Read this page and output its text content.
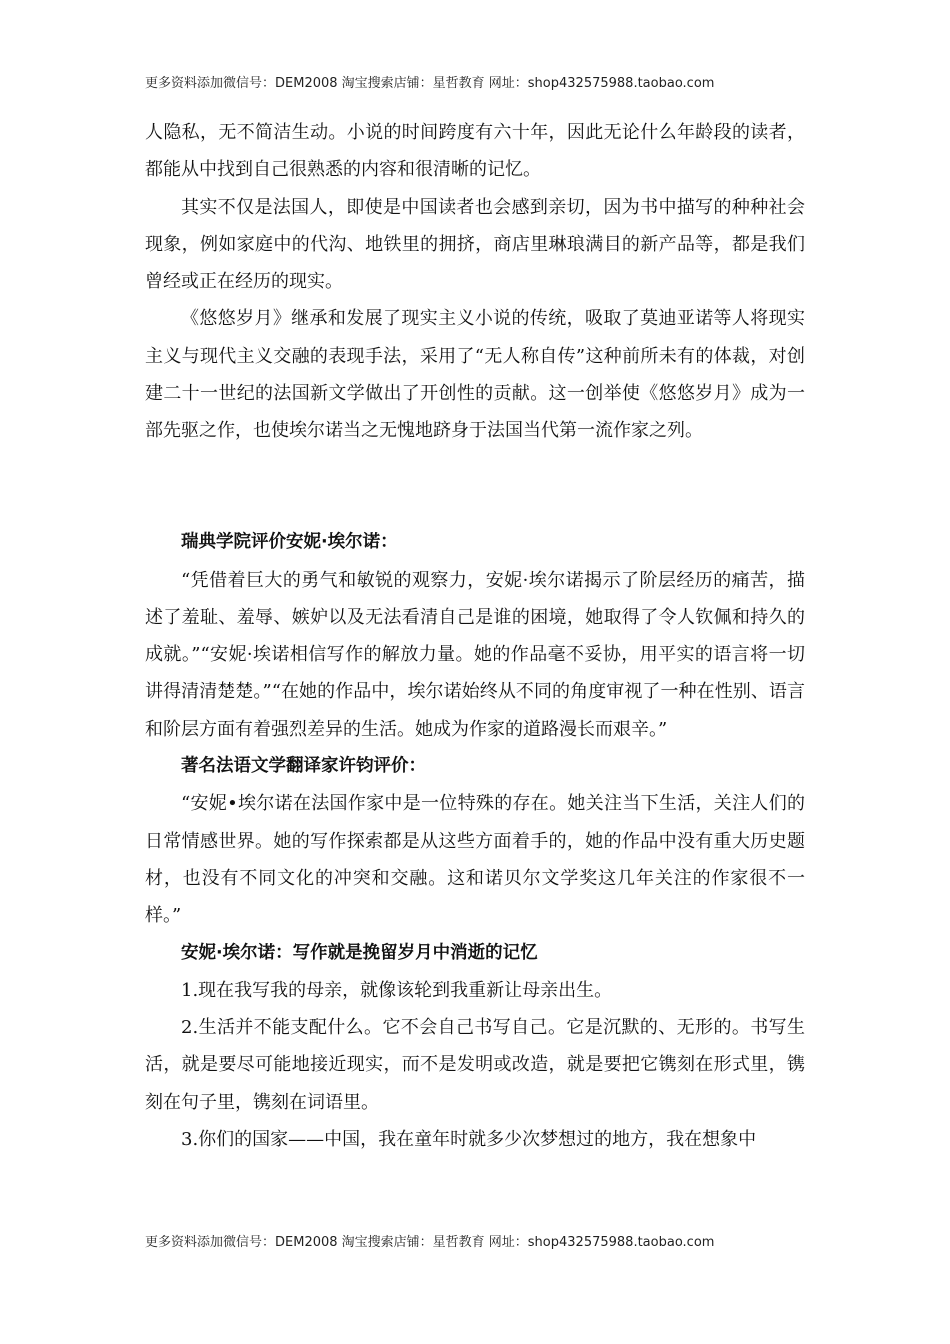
更多资料添加微信号：DEM2008 淘宝搜索店铺：星哲教育 网址：shop432575988.taobao.com

人隐私，无不简洁生动。小说的时间跨度有六十年，因此无论什么年龄段的读者，都能从中找到自己很熟悉的内容和很清晰的记忆。

其实不仅是法国人，即使是中国读者也会感到亲切，因为书中描写的种种社会现象，例如家庭中的代沟、地铁里的拥挤，商店里琳琅满目的新产品等，都是我们曾经或正在经历的现实。

《悠悠岁月》继承和发展了现实主义小说的传统，吸取了莫迪亚诺等人将现实主义与现代主义交融的表现手法，采用了“无人称自传”这种前所未有的体裁，对创建二十一世纪的法国新文学做出了开创性的贡献。这一创举使《悠悠岁月》成为一部先驱之作，也使埃尔诺当之无愧地跻身于法国当代第一流作家之列。

瑞典学院评价安妮·埃尔诺：

“凭借着巨大的勇气和敏锐的观察力，安妮·埃尔诺揭示了阶层经历的痛苦，描述了羞耻、羞辱、嫉妒以及无法看清自己是谁的困境，她取得了令人钦佩和持久的成就。”“安妮·埃诺相信写作的解放力量。她的作品毫不妥协，用平实的语言将一切讲得清清楚楚。”“在她的作品中，埃尔诺始终从不同的角度审视了一种在性别、语言和阶层方面有着强烈差异的生活。她成为作家的道路漫长而艰辛。”

著名法语文学翻译家许钧评价：

“安妮•埃尔诺在法国作家中是一位特殊的存在。她关注当下生活，关注人们的日常情感世界。她的写作探索都是从这些方面着手的，她的作品中没有重大历史题材，也没有不同文化的冲突和交融。这和诺贝尔文学奖这几年关注的作家很不一样。”

安妮·埃尔诺：写作就是挽留岁月中消逝的记忆

1.现在我写我的母亲，就像该轮到我重新让母亲出生。

2.生活并不能支配什么。它不会自己书写自己。它是沉默的、无形的。书写生活，就是要尽可能地接近现实，而不是发明或改造，就是要把它镌刻在形式里，镌刻在句子里，镌刻在词语里。

3.你们的国家——中国，我在童年时就多少次梦想过的地方，我在想象中

更多资料添加微信号：DEM2008 淘宝搜索店铺：星哲教育 网址：shop432575988.taobao.com
